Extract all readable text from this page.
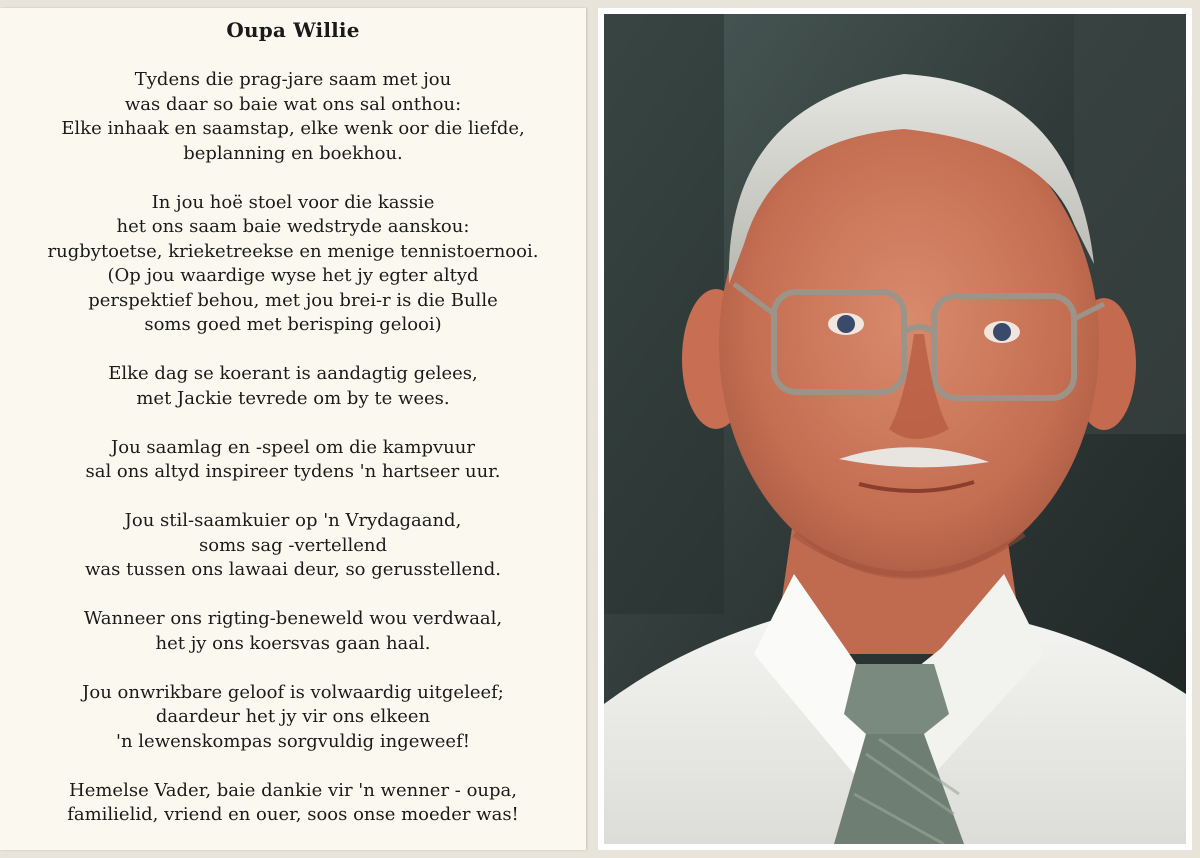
Oupa Willie
Tydens die prag-jare saam met jou
was daar so baie wat ons sal onthou:
Elke inhaak en saamstap, elke wenk oor die liefde,
beplanning en boekhou.
In jou hoë stoel voor die kassie
het ons saam baie wedstryde aanskou:
rugbytoetse, krieketreekse en menige tennistoernooi.
(Op jou waardige wyse het jy egter altyd
perspektief behou, met jou brei-r is die Bulle
soms goed met berisping gelooi)
Elke dag se koerant is aandagtig gelees,
met Jackie tevrede om by te wees.
Jou saamlag en -speel om die kampvuur
sal ons altyd inspireer tydens 'n hartseer uur.
Jou stil-saamkuier op 'n Vrydagaand,
soms sag -vertellend
was tussen ons lawaai deur, so gerusstellend.
Wanneer ons rigting-beneweld wou verdwaal,
het jy ons koersvas gaan haal.
Jou onwrikbare geloof is volwaardig uitgeleef;
daardeur het jy vir ons elkeen
'n lewenskompas sorgvuldig ingeweef!
Hemelse Vader, baie dankie vir 'n wenner - oupa,
familielid, vriend en ouer, soos onse moeder was!
